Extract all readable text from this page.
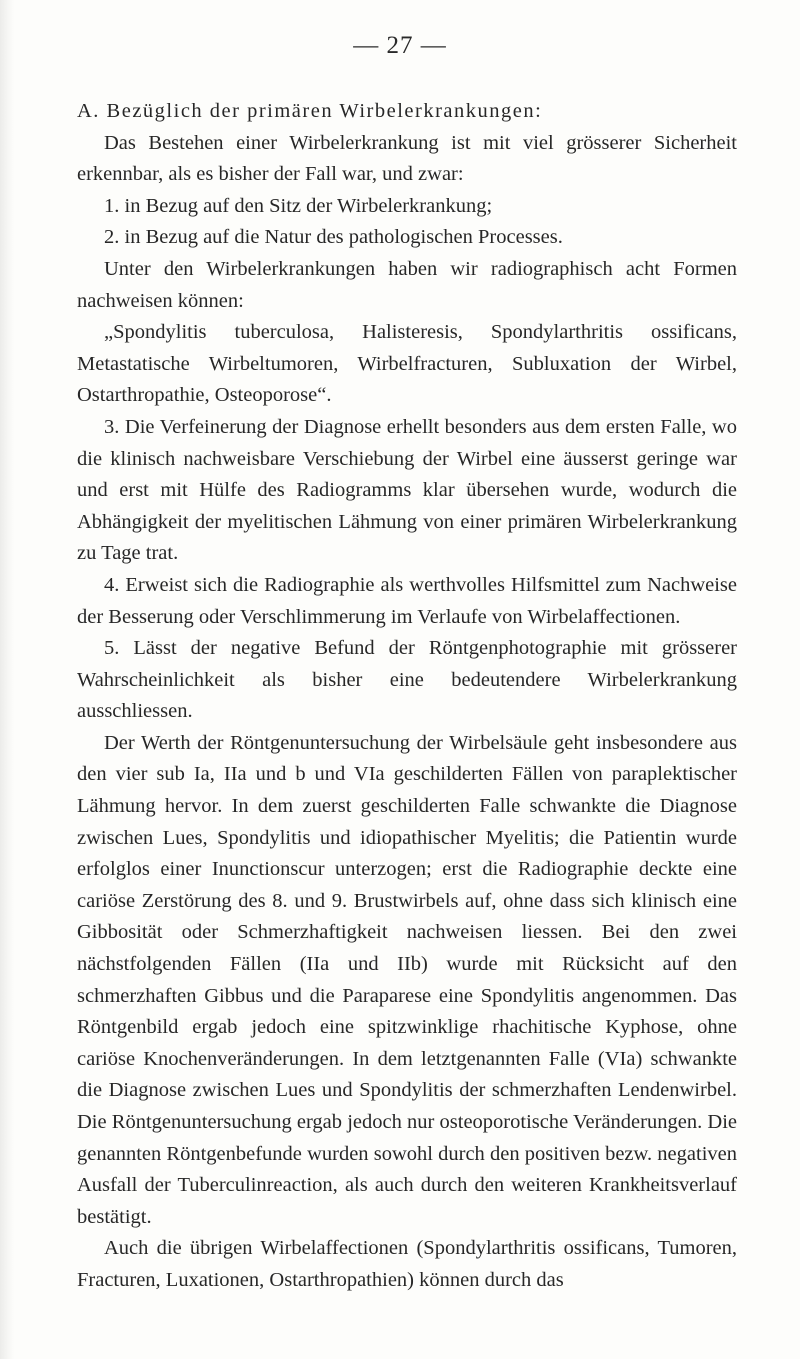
— 27 —

A. Bezüglich der primären Wirbelerkrankungen:

Das Bestehen einer Wirbelerkrankung ist mit viel grösserer Sicherheit erkennbar, als es bisher der Fall war, und zwar:

1. in Bezug auf den Sitz der Wirbelerkrankung;

2. in Bezug auf die Natur des pathologischen Processes.

Unter den Wirbelerkrankungen haben wir radiographisch acht Formen nachweisen können:

„Spondylitis tuberculosa, Halisteresis, Spondylarthritis ossificans, Metastatische Wirbeltumoren, Wirbelfracturen, Subluxation der Wirbel, Ostarthropathie, Osteoporose“.

3. Die Verfeinerung der Diagnose erhellt besonders aus dem ersten Falle, wo die klinisch nachweisbare Verschiebung der Wirbel eine äusserst geringe war und erst mit Hülfe des Radiogramms klar übersehen wurde, wodurch die Abhängigkeit der myelitischen Lähmung von einer primären Wirbelerkrankung zu Tage trat.

4. Erweist sich die Radiographie als werthvolles Hilfsmittel zum Nachweise der Besserung oder Verschlimmerung im Verlaufe von Wirbelaffectionen.

5. Lässt der negative Befund der Röntgenphotographie mit grösserer Wahrscheinlichkeit als bisher eine bedeutendere Wirbelerkrankung ausschliessen.

Der Werth der Röntgenuntersuchung der Wirbelsäule geht insbesondere aus den vier sub Ia, IIa und b und VIa geschilderten Fällen von paraplektischer Lähmung hervor. In dem zuerst geschilderten Falle schwankte die Diagnose zwischen Lues, Spondylitis und idiopathischer Myelitis; die Patientin wurde erfolglos einer Inunctionscur unterzogen; erst die Radiographie deckte eine cariöse Zerstörung des 8. und 9. Brustwirbels auf, ohne dass sich klinisch eine Gibbosität oder Schmerzhaftigkeit nachweisen liessen. Bei den zwei nächstfolgenden Fällen (IIa und IIb) wurde mit Rücksicht auf den schmerzhaften Gibbus und die Paraparese eine Spondylitis angenommen. Das Röntgenbild ergab jedoch eine spitzwinklige rhachitische Kyphose, ohne cariöse Knochenveränderungen. In dem letztgenannten Falle (VIa) schwankte die Diagnose zwischen Lues und Spondylitis der schmerzhaften Lendenwirbel. Die Röntgenuntersuchung ergab jedoch nur osteoporotische Veränderungen. Die genannten Röntgenbefunde wurden sowohl durch den positiven bezw. negativen Ausfall der Tuberculinreaction, als auch durch den weiteren Krankheitsverlauf bestätigt.

Auch die übrigen Wirbelaffectionen (Spondylarthritis ossificans, Tumoren, Fracturen, Luxationen, Ostarthropathien) können durch das
